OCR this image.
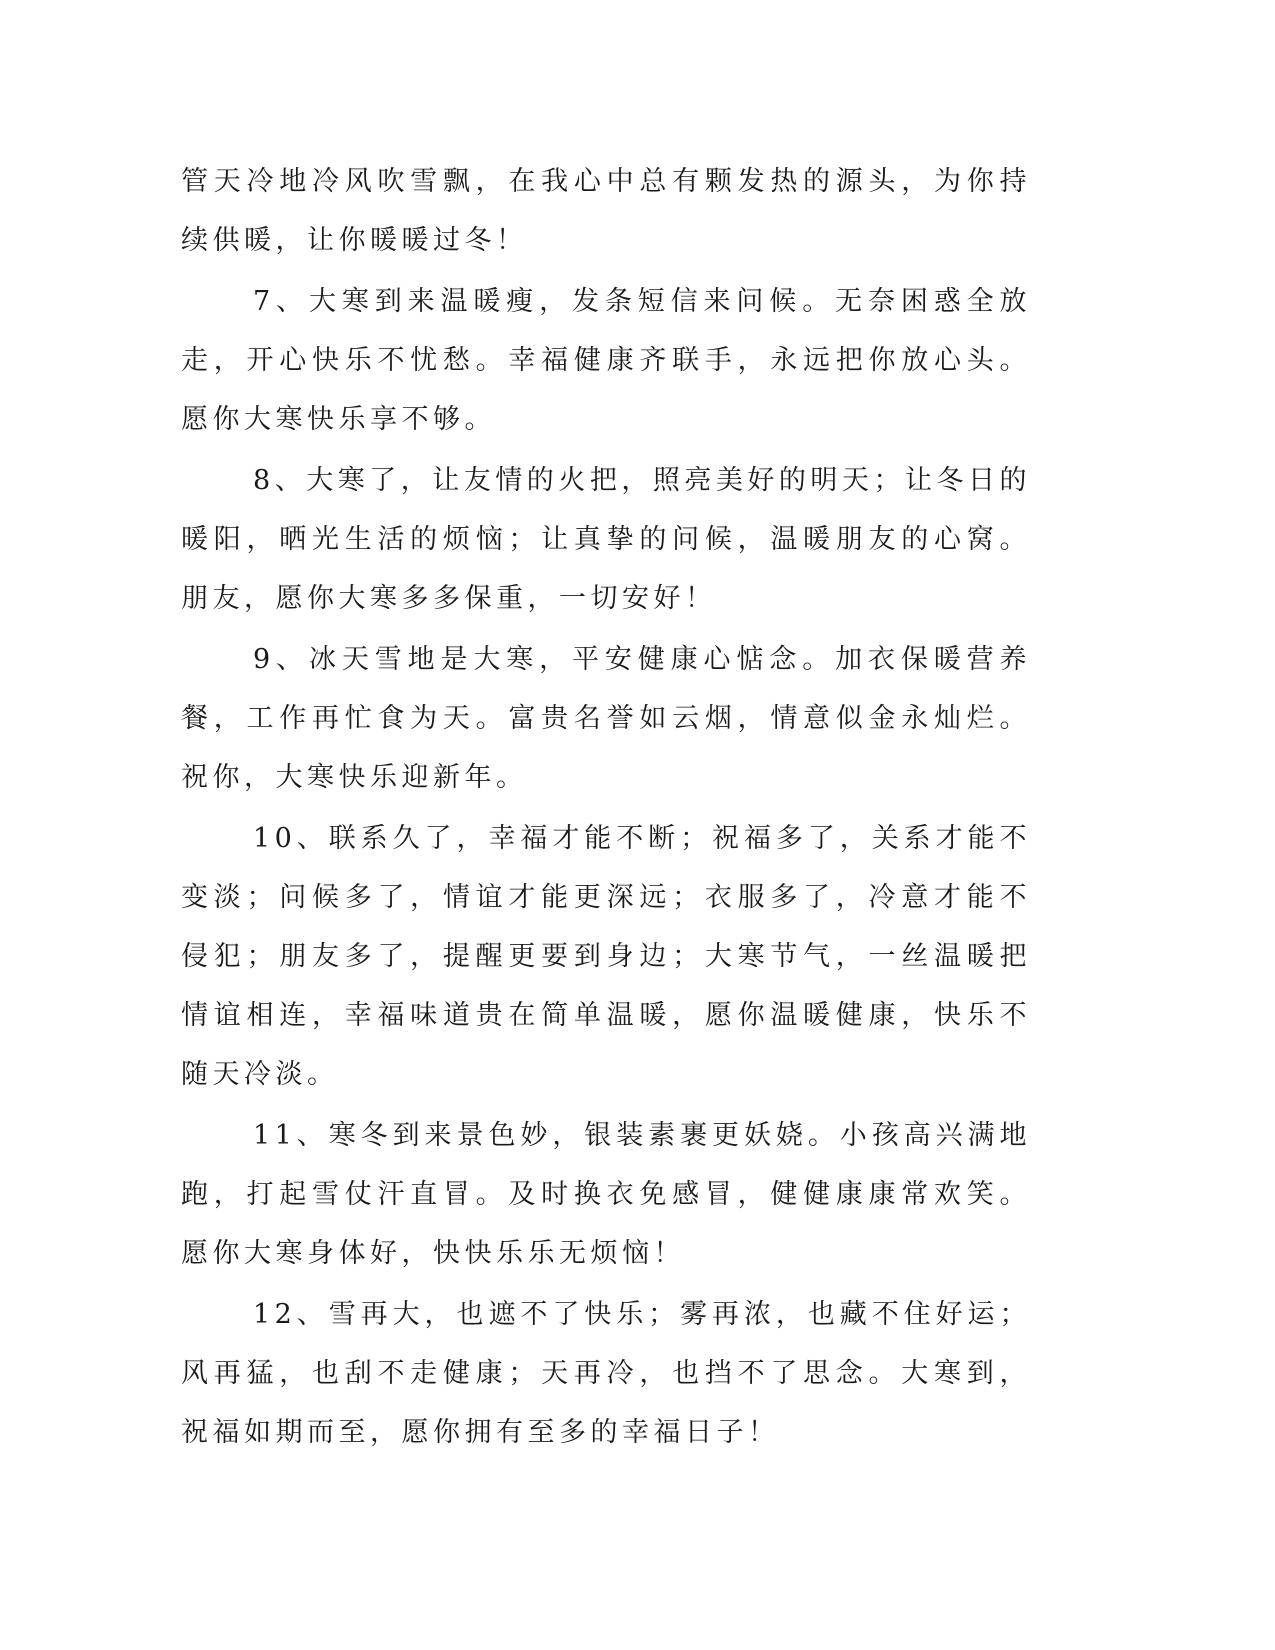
管天冷地冷风吹雪飘，在我心中总有颗发热的源头，为你持续供暖，让你暖暖过冬！

7、大寒到来温暖瘦，发条短信来问候。无奈困惑全放走，开心快乐不忧愁。幸福健康齐联手，永远把你放心头。愿你大寒快乐享不够。

8、大寒了，让友情的火把，照亮美好的明天；让冬日的暖阳，晒光生活的烦恼；让真挚的问候，温暖朋友的心窝。朋友，愿你大寒多多保重，一切安好！

9、冰天雪地是大寒，平安健康心惦念。加衣保暖营养餐，工作再忙食为天。富贵名誉如云烟，情意似金永灿烂。祝你，大寒快乐迎新年。

10、联系久了，幸福才能不断；祝福多了，关系才能不变淡；问候多了，情谊才能更深远；衣服多了，冷意才能不侵犯；朋友多了，提醒更要到身边；大寒节气，一丝温暖把情谊相连，幸福味道贵在简单温暖，愿你温暖健康，快乐不随天冷淡。

11、寒冬到来景色妙，银装素裹更妖娆。小孩高兴满地跑，打起雪仗汗直冒。及时换衣免感冒，健健康康常欢笑。愿你大寒身体好，快快乐乐无烦恼！

12、雪再大，也遮不了快乐；雾再浓，也藏不住好运；风再猛，也刮不走健康；天再冷，也挡不了思念。大寒到，祝福如期而至，愿你拥有至多的幸福日子！
